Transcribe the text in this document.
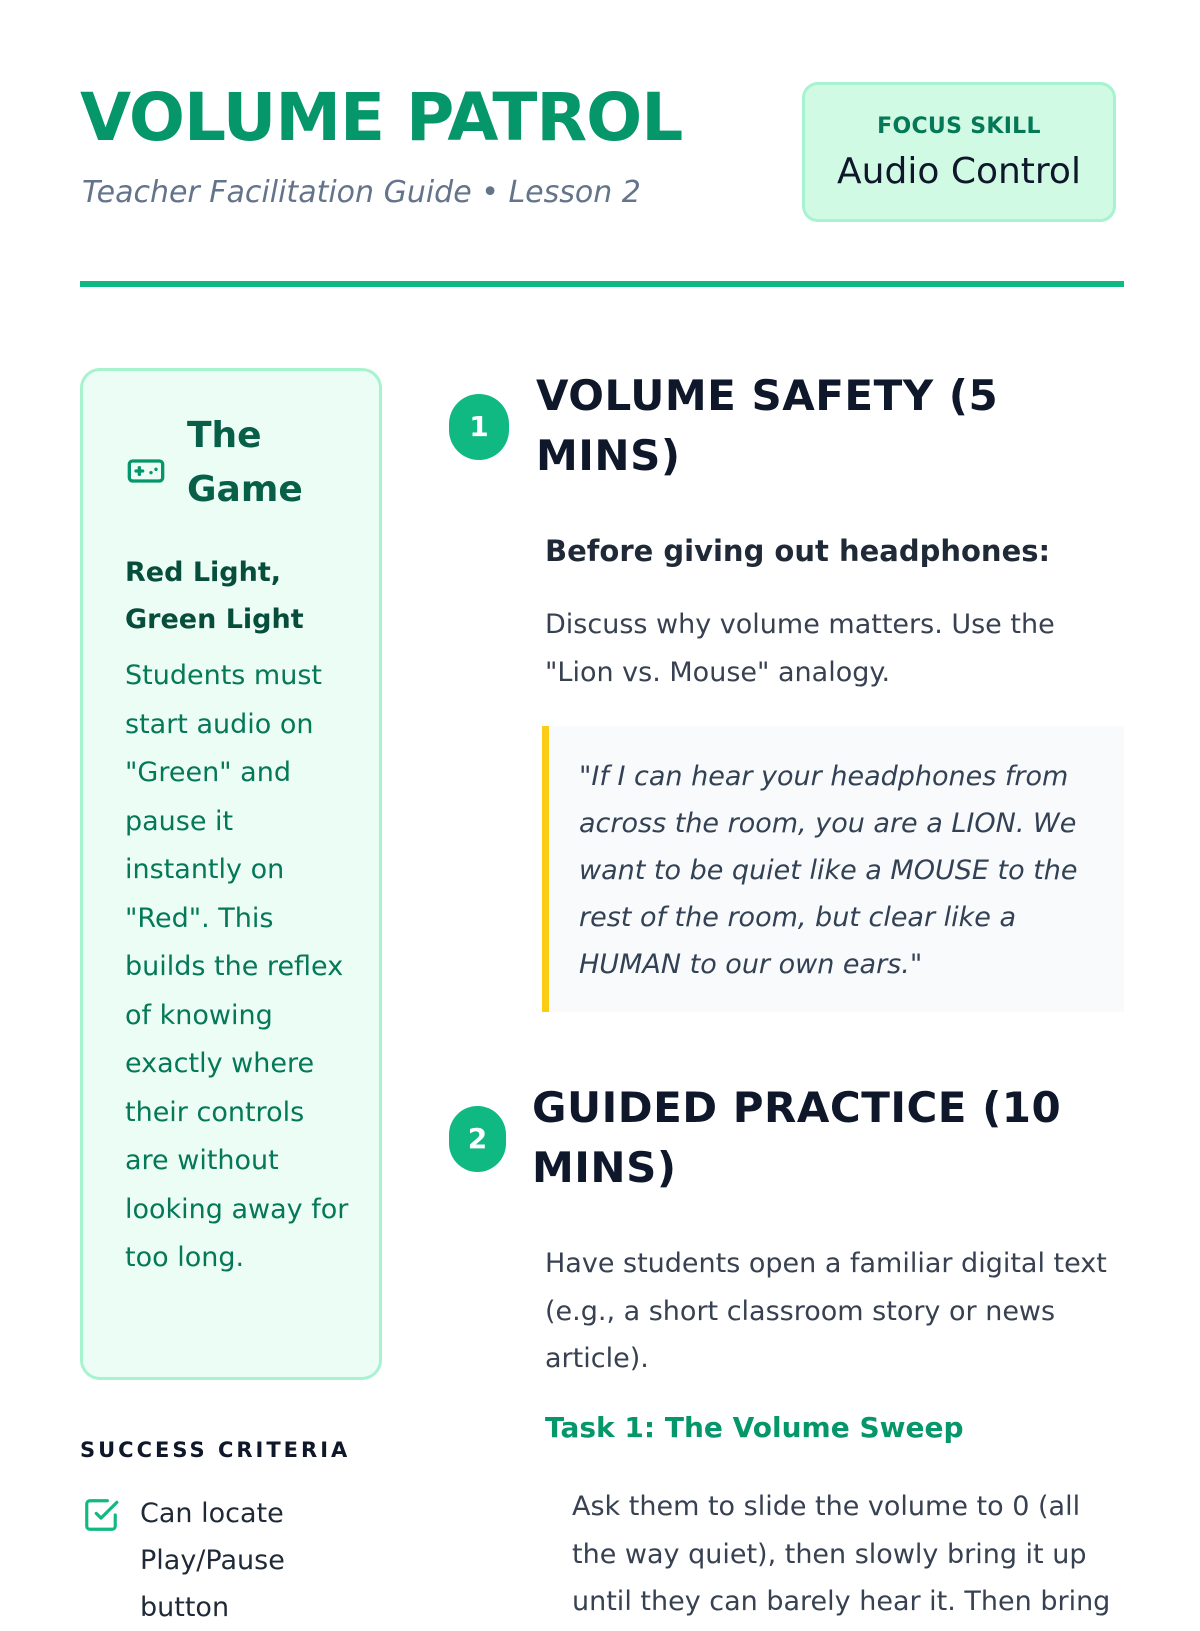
VOLUME PATROL
Teacher Facilitation Guide • Lesson 2
FOCUS SKILL
Audio Control
The Game
Red Light, Green Light

Students must start audio on "Green" and pause it instantly on "Red". This builds the reflex of knowing exactly where their controls are without looking away for too long.

SUCCESS CRITERIA
Can locate Play/Pause button
1
VOLUME SAFETY (5 MINS)
Before giving out headphones:

Discuss why volume matters. Use the "Lion vs. Mouse" analogy.

"If I can hear your headphones from across the room, you are a LION. We want to be quiet like a MOUSE to the rest of the room, but clear like a HUMAN to our own ears."
2
GUIDED PRACTICE (10 MINS)

Have students open a familiar digital text (e.g., a short classroom story or news article).

Task 1: The Volume Sweep

Ask them to slide the volume to 0 (all the way quiet), then slowly bring it up until they can barely hear it. Then bring
